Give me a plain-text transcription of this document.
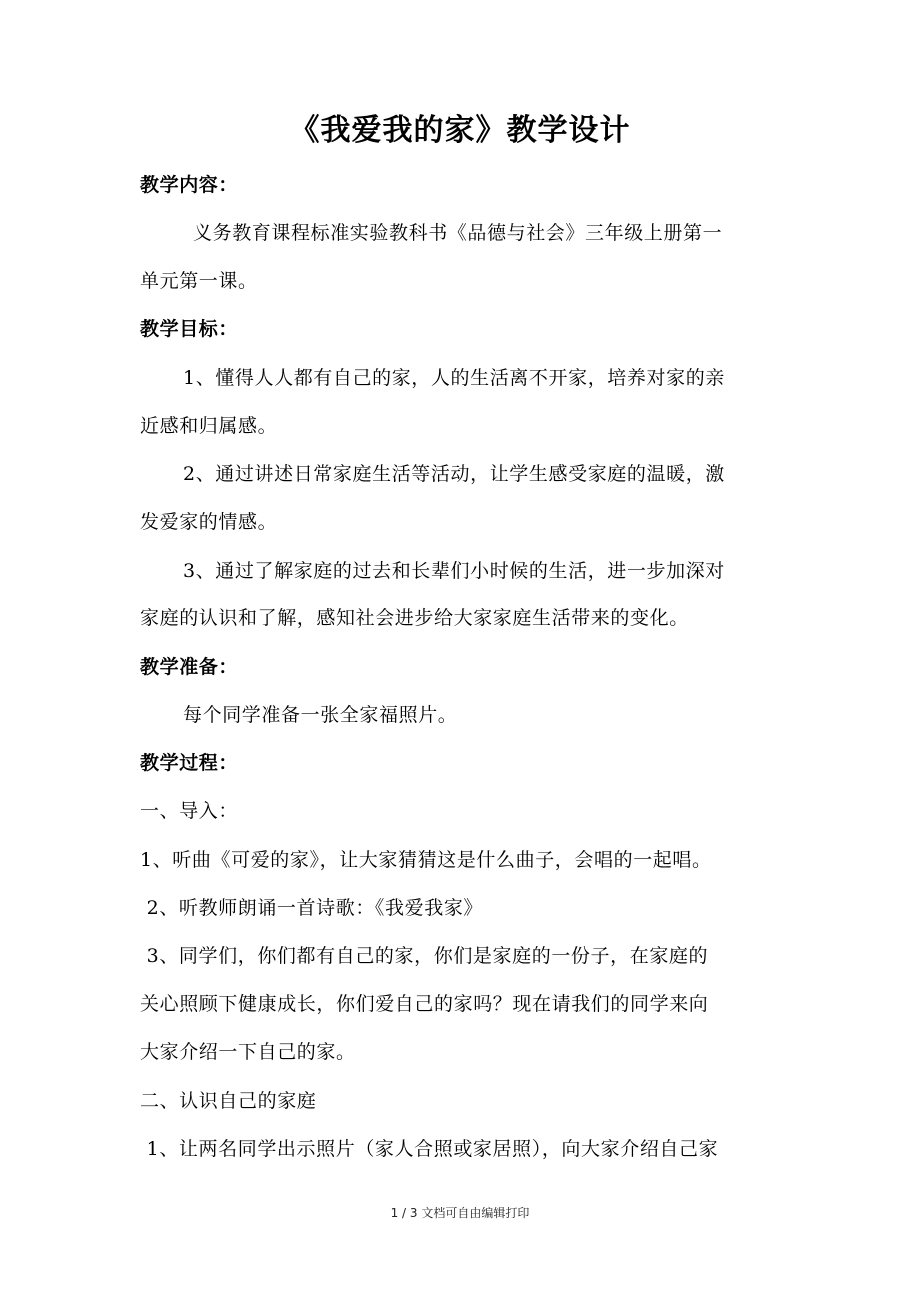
《我爱我的家》教学设计
教学内容：
义务教育课程标准实验教科书《品德与社会》三年级上册第一
单元第一课。
教学目标：
1、懂得人人都有自己的家，人的生活离不开家，培养对家的亲
近感和归属感。
2、通过讲述日常家庭生活等活动，让学生感受家庭的温暖，激
发爱家的情感。
3、通过了解家庭的过去和长辈们小时候的生活，进一步加深对
家庭的认识和了解，感知社会进步给大家家庭生活带来的变化。
教学准备：
每个同学准备一张全家福照片。
教学过程：
一、导入：
1、听曲《可爱的家》，让大家猜猜这是什么曲子，会唱的一起唱。
2、听教师朗诵一首诗歌：《我爱我家》
3、同学们，你们都有自己的家，你们是家庭的一份子，在家庭的
关心照顾下健康成长，你们爱自己的家吗？现在请我们的同学来向
大家介绍一下自己的家。
二、认识自己的家庭
1、让两名同学出示照片（家人合照或家居照），向大家介绍自己家
1 / 3 文档可自由编辑打印
